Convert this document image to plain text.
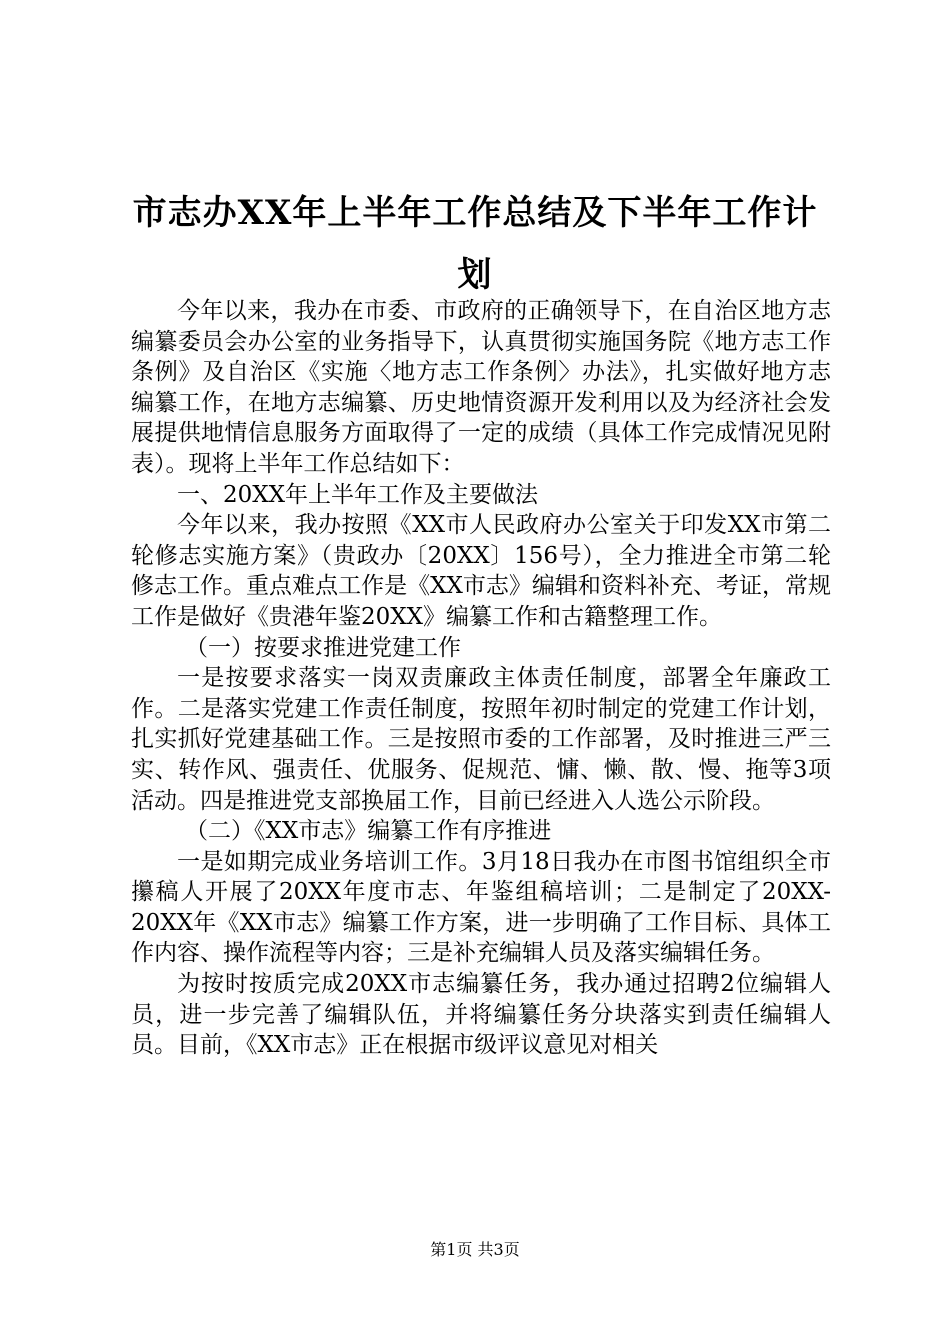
市志办XX年上半年工作总结及下半年工作计划

今年以来，我办在市委、市政府的正确领导下，在自治区地方志编纂委员会办公室的业务指导下，认真贯彻实施国务院《地方志工作条例》及自治区《实施〈地方志工作条例〉办法》，扎实做好地方志编纂工作，在地方志编纂、历史地情资源开发利用以及为经济社会发展提供地情信息服务方面取得了一定的成绩（具体工作完成情况见附表）。现将上半年工作总结如下：

一、20XX年上半年工作及主要做法

今年以来，我办按照《XX市人民政府办公室关于印发XX市第二轮修志实施方案》（贵政办〔20XX〕156号），全力推进全市第二轮修志工作。重点难点工作是《XX市志》编辑和资料补充、考证，常规工作是做好《贵港年鉴20XX》编纂工作和古籍整理工作。

（一）按要求推进党建工作

一是按要求落实一岗双责廉政主体责任制度，部署全年廉政工作。二是落实党建工作责任制度，按照年初时制定的党建工作计划，扎实抓好党建基础工作。三是按照市委的工作部署，及时推进三严三实、转作风、强责任、优服务、促规范、慵、懒、散、慢、拖等3项活动。四是推进党支部换届工作，目前已经进入人选公示阶段。

（二）《XX市志》编纂工作有序推进

一是如期完成业务培训工作。3月18日我办在市图书馆组织全市攥稿人开展了20XX年度市志、年鉴组稿培训；二是制定了20XX-20XX年《XX市志》编纂工作方案，进一步明确了工作目标、具体工作内容、操作流程等内容；三是补充编辑人员及落实编辑任务。

为按时按质完成20XX市志编纂任务，我办通过招聘2位编辑人员，进一步完善了编辑队伍，并将编纂任务分块落实到责任编辑人员。目前，《XX市志》正在根据市级评议意见对相关

第1页 共3页
